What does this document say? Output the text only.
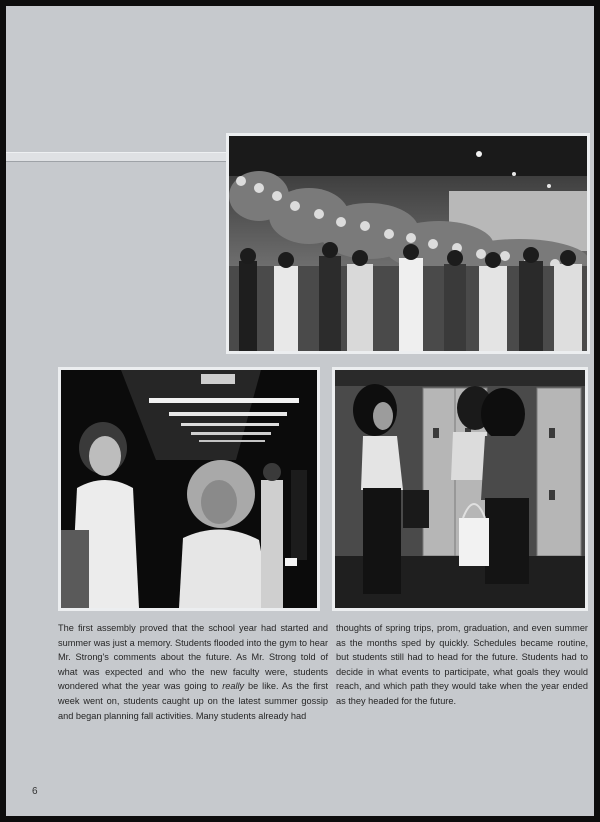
The first assembly proved that the school year had started and summer was just a memory. Students flooded into the gym to hear Mr. Strong's comments about the future. As Mr. Strong told of what was expected and who the new faculty were, students wondered what the year was going to really be like. As the first week went on, students caught up on the latest summer gossip and began planning fall activities. Many students already had

thoughts of spring trips, prom, graduation, and even summer as the months sped by quickly. Schedules became routine, but students still had to head for the future. Students had to decide in what events to participate, what goals they would reach, and which path they would take when the year ended as they headed for the future.

6
